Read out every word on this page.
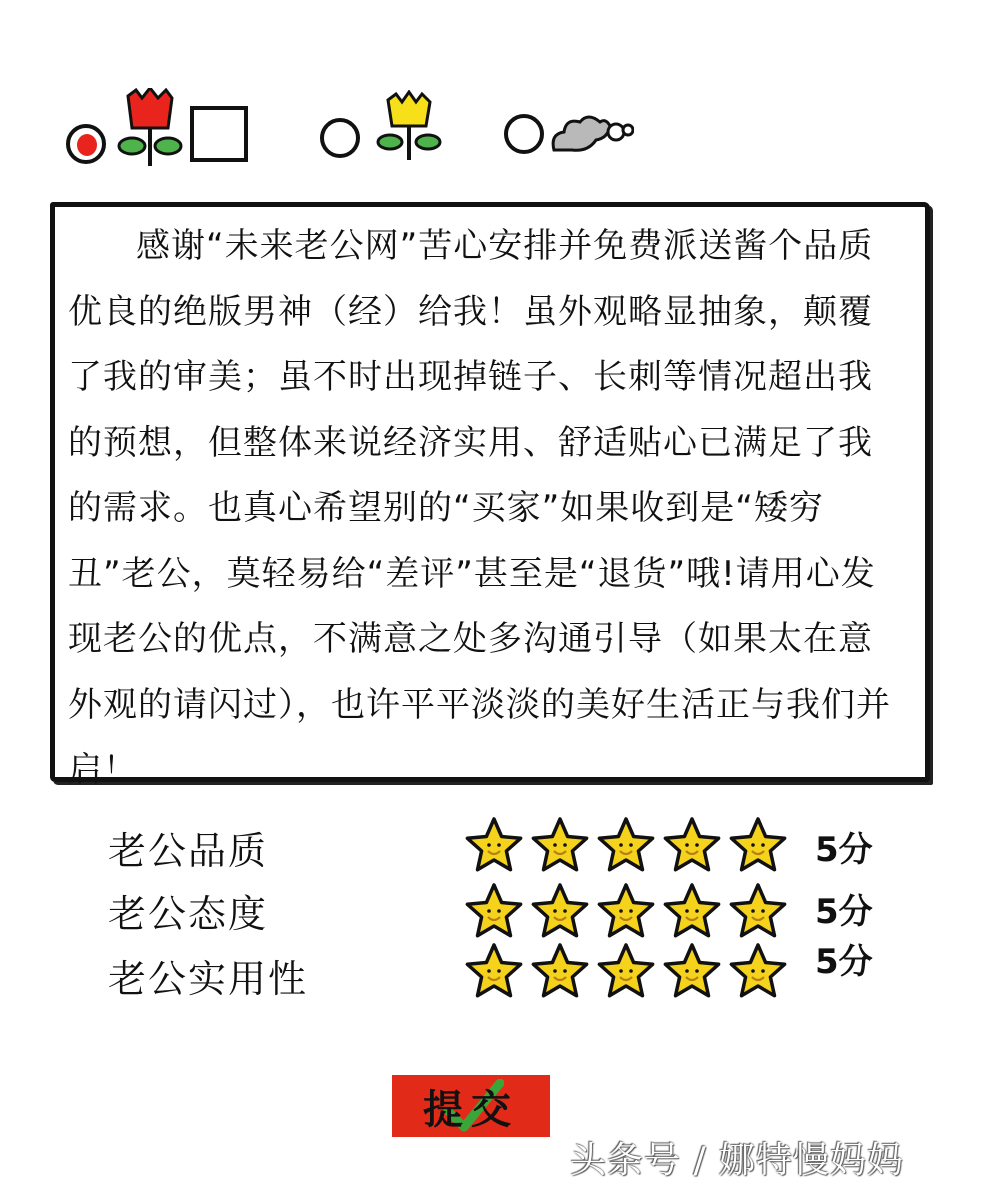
感谢“未来老公网”苦心安排并免费派送酱个品质优良的绝版男神（经）给我！虽外观略显抽象，颠覆了我的审美；虽不时出现掉链子、长刺等情况超出我的预想，但整体来说经济实用、舒适贴心已满足了我的需求。也真心希望别的“买家”如果收到是“矮穷丑”老公，莫轻易给“差评”甚至是“退货”哦!请用心发现老公的优点，不满意之处多沟通引导（如果太在意外观的请闪过），也许平平淡淡的美好生活正与我们并启！
老公品质	5分
老公态度	5分
老公实用性	5分
提交
头条号 / 娜特慢妈妈
